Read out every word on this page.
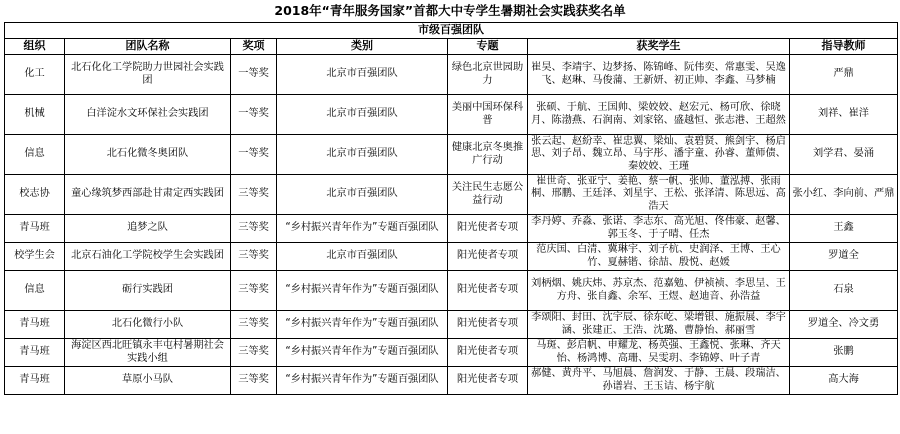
2018年“青年服务国家”首都大中专学生暑期社会实践获奖名单
市级百强团队						
组织	团队名称	奖项	类别	专题	获奖学生	指导教师
化工	北石化化工学院助力世园社会实践团	一等奖	北京市百强团队	绿色北京世园助力	崔昊、李靖宇、边梦扬、陈锦峰、阮伟奕、常惠雯、吴逸飞、赵琳、马俊蒲、王新妍、初正帅、李鑫、马梦楠	严鼎
机械	白洋淀水文环保社会实践团	一等奖	北京市百强团队	美丽中国环保科普	张硕、于航、王国帅、梁姣姣、赵宏元、杨可欣、徐晓月、陈渤燕、石润南、刘家铭、盛越恒、张志港、王超然	刘祥、崔洋
信息	北石化微冬奥团队	一等奖	北京市百强团队	健康北京冬奥推广行动	张云起、赵紛幸、崔忠翼、梁灿、袁碧贤、熊剑宇、杨启思、刘子昂、魏立昂、马宇彤、潘宇童、孙睿、董师债、秦姣姣、王瑾	刘学君、晏涌
校志协	童心缘筑梦西部赴甘肃定西实践团	三等奖	北京市百强团队	关注民生志愿公益行动	崔世奇、张亚宁、姜艳、蔡一帆、张帅、董泓搏、张雨桐、邢鹏、王廷泽、刘星宇、王松、张泽清、陈思远、高浩天	张小红、李向前、严鼎
青马班	追梦之队	三等奖	“乡村振兴青年作为”专题百强团队	阳光使者专项	李丹婷、乔淼、张诺、李志东、高光旭、佟伟豪、赵馨、郭玉冬、于子晴、任杰	王鑫
校学生会	北京石油化工学院校学生会实践团	三等奖	北京市百强团队	阳光使者专项	范庆国、白清、冀琳宇、刘子杭、史润泽、王博、王心竹、夏赫锴、徐喆、殷悦、赵媛	罗道全
信息	砺行实践团	三等奖	“乡村振兴青年作为”专题百强团队	阳光使者专项	刘柄烟、姚庆炜、苏京杰、范嘉勉、伊祯祯、李思呈、王方舟、张自鑫、余军、王煜、赵迪音、孙浩益	石泉
青马班	北石化微行小队	三等奖	“乡村振兴青年作为”专题百强团队	阳光使者专项	李颂阳、封田、沈宇辰、徐东屹、梁增银、施振展、李宇涵、张建正、王浩、沈璐、曹静怡、郝丽雪	罗道全、冷文勇
青马班	海淀区西北旺镇永丰屯村暑期社会实践小组	三等奖	“乡村振兴青年作为”专题百强团队	阳光使者专项	马斑、彭启帆、申耀龙、杨英强、王鑫悦、张琳、齐天怡、杨鸿博、高珊、吴雯玥、李锦婷、叶子青	张鹏
青马班	草原小马队	三等奖	“乡村振兴青年作为”专题百强团队	阳光使者专项	郝健、黄舟平、马旭晨、詹润发、于静、王晨、段瑞洁、孙谱岩、王玉诘、杨宇航	高大海
